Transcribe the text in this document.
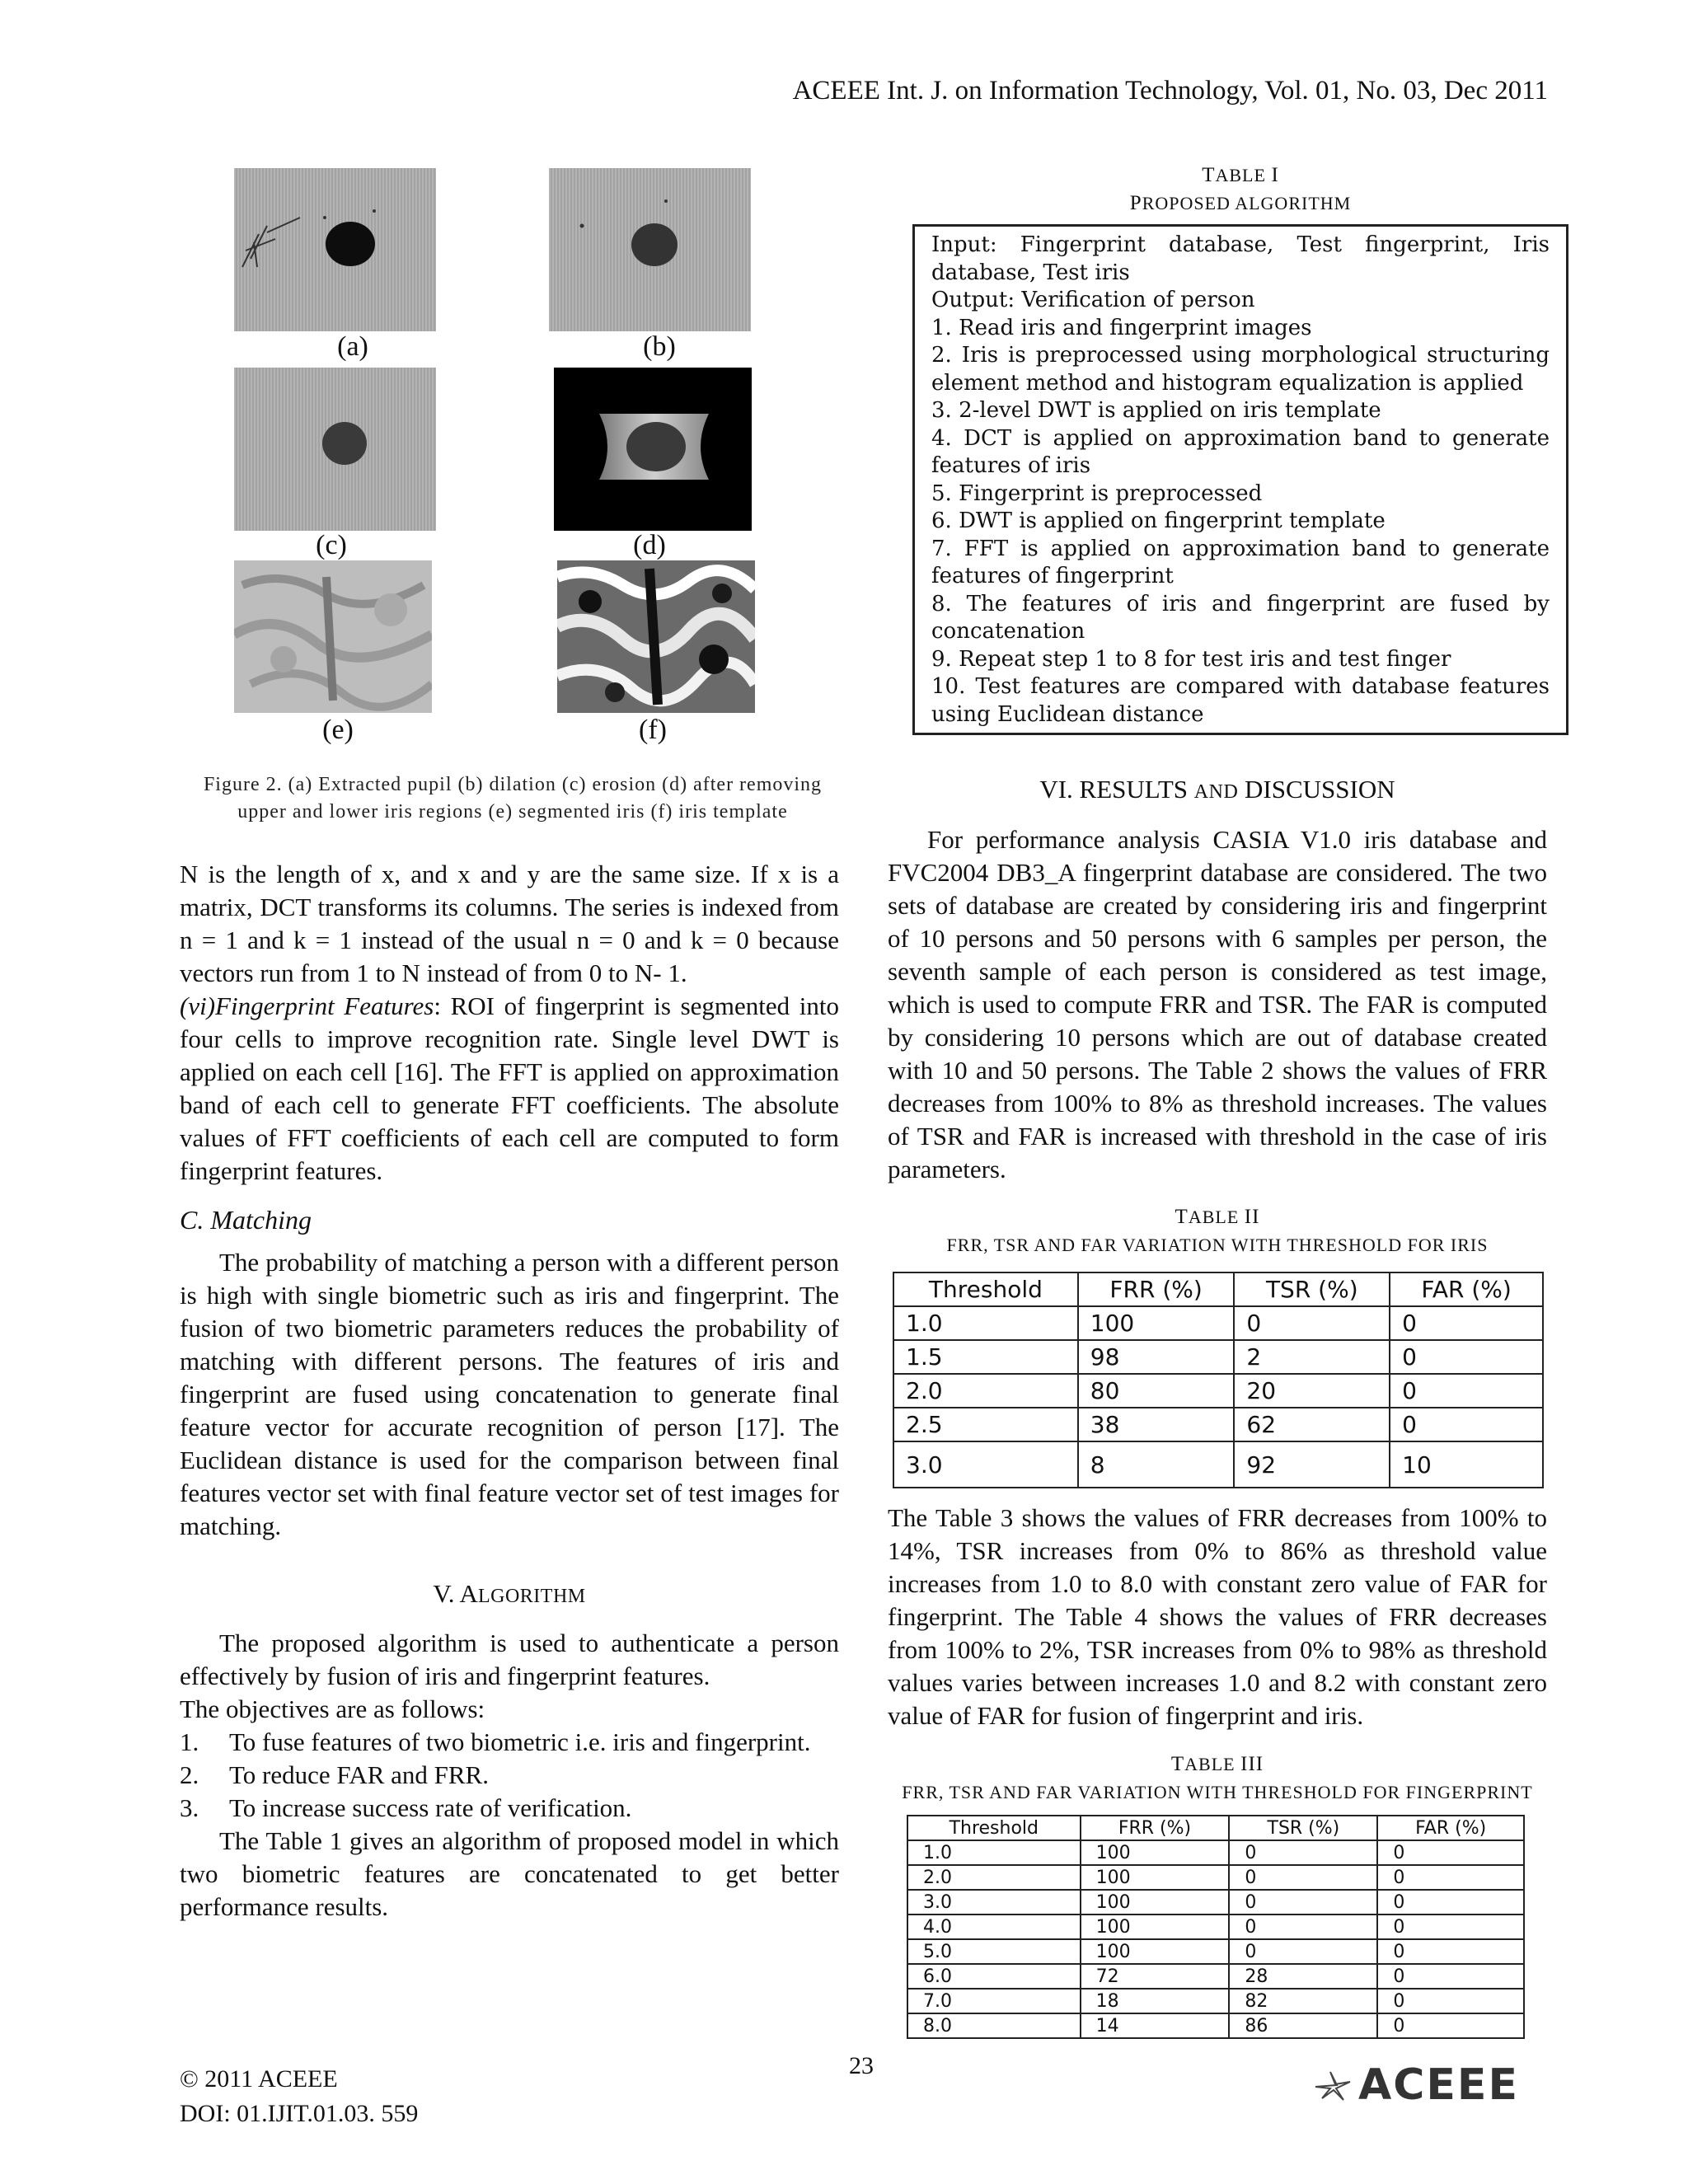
ACEEE Int. J. on Information Technology, Vol. 01, No. 03, Dec 2011
(a)	(b)
(c)	(d)
(e)	(f)
Figure 2. (a) Extracted pupil (b) dilation (c) erosion (d) after removing upper and lower iris regions (e) segmented iris (f) iris template

N is the length of x, and x and y are the same size. If x is a matrix, DCT transforms its columns. The series is indexed from n = 1 and k = 1 instead of the usual n = 0 and k = 0 because vectors run from 1 to N instead of from 0 to N- 1.

(vi)Fingerprint Features: ROI of fingerprint is segmented into four cells to improve recognition rate. Single level DWT is applied on each cell [16]. The FFT is applied on approximation band of each cell to generate FFT coefficients. The absolute values of FFT coefficients of each cell are computed to form fingerprint features.

C. Matching

The probability of matching a person with a different person is high with single biometric such as iris and fingerprint. The fusion of two biometric parameters reduces the probability of matching with different persons. The features of iris and fingerprint are fused using concatenation to generate final feature vector for accurate recognition of person [17]. The Euclidean distance is used for the comparison between final features vector set with final feature vector set of test images for matching.

V. ALGORITHM

The proposed algorithm is used to authenticate a person effectively by fusion of iris and fingerprint features.

The objectives are as follows:

1.	To fuse features of two biometric i.e. iris and fingerprint.
2.	To reduce FAR and FRR.
3.	To increase success rate of verification.

The Table 1 gives an algorithm of proposed model in which two biometric features are concatenated to get better performance results.

TABLE I
PROPOSED ALGORITHM
Input: Fingerprint database, Test fingerprint, Iris database, Test iris
Output: Verification of person
1. Read iris and fingerprint images
2. Iris is preprocessed using morphological structuring element method and histogram equalization is applied
3. 2-level DWT is applied on iris template
4. DCT is applied on approximation band to generate features of iris
5. Fingerprint is preprocessed
6. DWT is applied on fingerprint template
7. FFT is applied on approximation band to generate features of fingerprint
8. The features of iris and fingerprint are fused by concatenation
9. Repeat step 1 to 8 for test iris and test finger
10. Test features are compared with database features using Euclidean distance
VI. RESULTS AND DISCUSSION

For performance analysis CASIA V1.0 iris database and FVC2004 DB3_A fingerprint database are considered. The two sets of database are created by considering iris and fingerprint of 10 persons and 50 persons with 6 samples per person, the seventh sample of each person is considered as test image, which is used to compute FRR and TSR. The FAR is computed by considering 10 persons which are out of database created with 10 and 50 persons. The Table 2 shows the values of FRR decreases from 100% to 8% as threshold increases. The values of TSR and FAR is increased with threshold in the case of iris parameters.

TABLE II
FRR, TSR AND FAR VARIATION WITH THRESHOLD FOR IRIS
Threshold	FRR (%)	TSR (%)	FAR (%)
1.0	100	0	0
1.5	98	2	0
2.0	80	20	0
2.5	38	62	0
3.0	8	92	10

The Table 3 shows the values of FRR decreases from 100% to 14%, TSR increases from 0% to 86% as threshold value increases from 1.0 to 8.0 with constant zero value of FAR for fingerprint. The Table 4 shows the values of FRR decreases from 100% to 2%, TSR increases from 0% to 98% as threshold values varies between increases 1.0 and 8.2 with constant zero value of FAR for fusion of fingerprint and iris.

TABLE III
FRR, TSR AND FAR VARIATION WITH THRESHOLD FOR FINGERPRINT
Threshold	FRR (%)	TSR (%)	FAR (%)
1.0	100	0	0
2.0	100	0	0
3.0	100	0	0
4.0	100	0	0
5.0	100	0	0
6.0	72	28	0
7.0	18	82	0
8.0	14	86	0
© 2011 ACEEE
DOI: 01.IJIT.01.03. 559
23	ACEEE
